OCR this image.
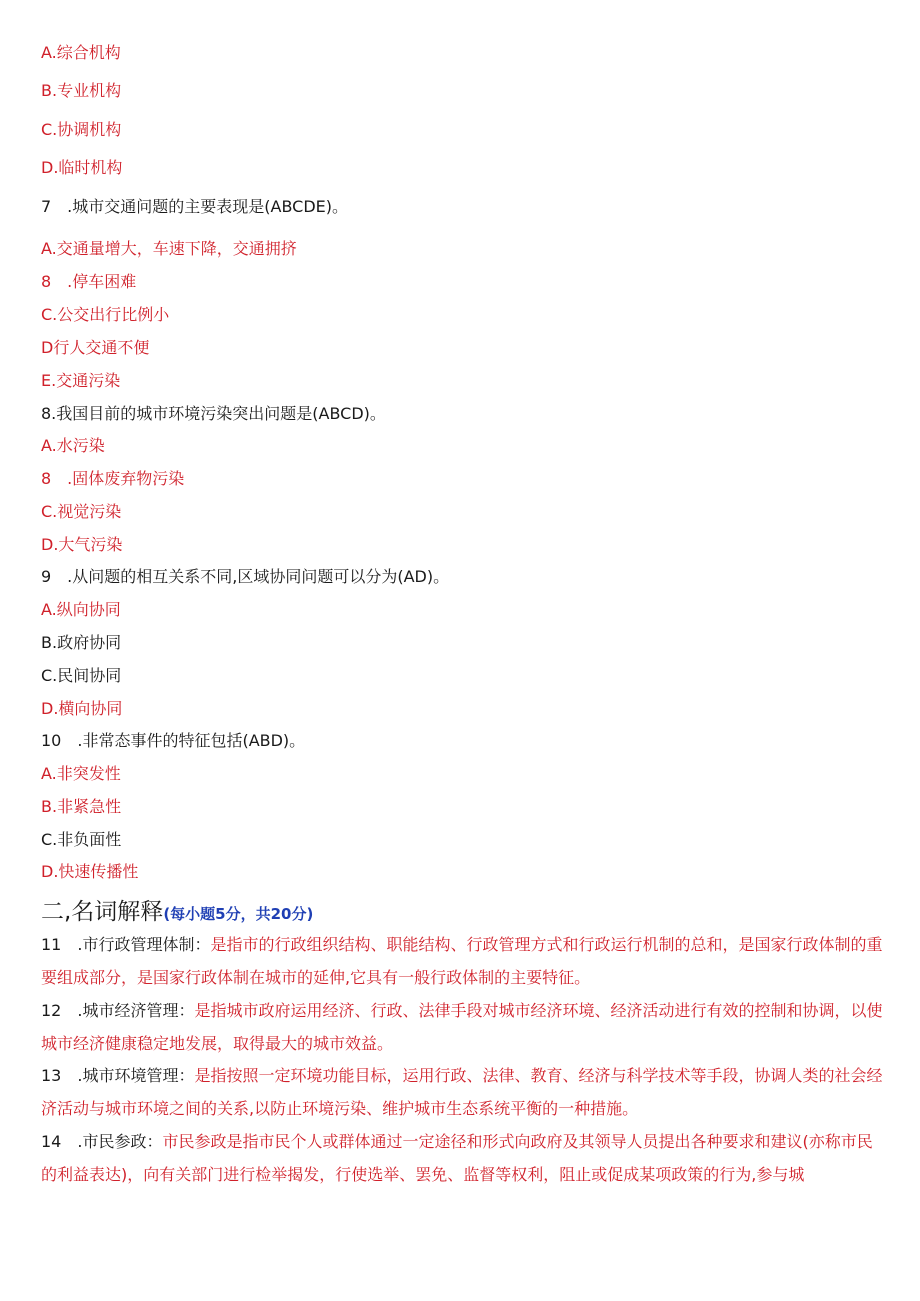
A.综合机构
B.专业机构
C.协调机构
D.临时机构
7　.城市交通问题的主要表现是(ABCDE)。
A.交通量增大，车速下降，交通拥挤
8　.停车困难
C.公交出行比例小
D行人交通不便
E.交通污染
8.我国目前的城市环境污染突出问题是(ABCD)。
A.水污染
8　.固体废弃物污染
C.视觉污染
D.大气污染
9　.从问题的相互关系不同,区域协同问题可以分为(AD)。
A.纵向协同
B.政府协同
C.民间协同
D.横向协同
10　.非常态事件的特征包括(ABD)。
A.非突发性
B.非紧急性
C.非负面性
D.快速传播性
二,名词解释(每小题5分，共20分)
11　.市行政管理体制：是指市的行政组织结构、职能结构、行政管理方式和行政运行机制的总和，是国家行政体制的重要组成部分，是国家行政体制在城市的延伸,它具有一般行政体制的主要特征。
12　.城市经济管理：是指城市政府运用经济、行政、法律手段对城市经济环境、经济活动进行有效的控制和协调，以使城市经济健康稳定地发展，取得最大的城市效益。
13　.城市环境管理：是指按照一定环境功能目标，运用行政、法律、教育、经济与科学技术等手段，协调人类的社会经济活动与城市环境之间的关系,以防止环境污染、维护城市生态系统平衡的一种措施。
14　.市民参政：市民参政是指市民个人或群体通过一定途径和形式向政府及其领导人员提出各种要求和建议(亦称市民的利益表达)，向有关部门进行检举揭发，行使选举、罢免、监督等权利，阻止或促成某项政策的行为,参与城
